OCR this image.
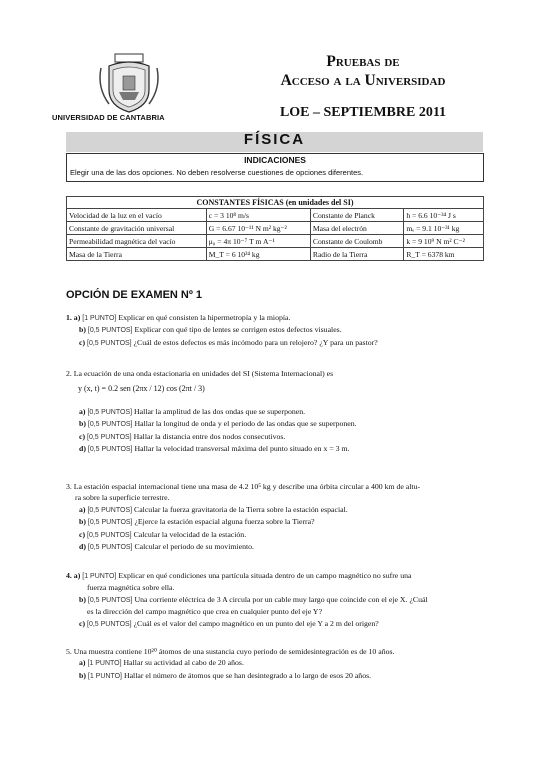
UNIVERSIDAD DE CANTABRIA
Pruebas de
Acceso a la Universidad
LOE – SEPTIEMBRE 2011
FÍSICA
INDICACIONES
Elegir una de las dos opciones. No deben resolverse cuestiones de opciones diferentes.
CONSTANTES FÍSICAS (en unidades del SI)			
Velocidad de la luz en el vacío	c = 3 10⁸ m/s	Constante de Planck	h = 6.6 10⁻³⁴ J s
Constante de gravitación universal	G = 6.67 10⁻¹¹ N m² kg⁻²	Masa del electrón	mₑ = 9.1 10⁻³¹ kg
Permeabilidad magnética del vacío	μ₀ = 4π 10⁻⁷ T m A⁻¹	Constante de Coulomb	k = 9 10⁹ N m² C⁻²
Masa de la Tierra	M_T = 6 10²⁴ kg	Radio de la Tierra	R_T = 6378 km
OPCIÓN DE EXAMEN Nº 1
1. a) [1 PUNTO] Explicar en qué consisten la hipermetropía y la miopía.
b) [0,5 PUNTOS] Explicar con qué tipo de lentes se corrigen estos defectos visuales.
c) [0,5 PUNTOS] ¿Cuál de estos defectos es más incómodo para un relojero? ¿Y para un pastor?
2. La ecuación de una onda estacionaria en unidades del SI (Sistema Internacional) es
y (x, t) = 0.2 sen (2πx / 12) cos (2πt / 3)
a) [0,5 PUNTOS] Hallar la amplitud de las dos ondas que se superponen.
b) [0,5 PUNTOS] Hallar la longitud de onda y el periodo de las ondas que se superponen.
c) [0,5 PUNTOS] Hallar la distancia entre dos nodos consecutivos.
d) [0,5 PUNTOS] Hallar la velocidad transversal máxima del punto situado en x = 3 m.
3. La estación espacial internacional tiene una masa de 4.2 10⁵ kg y describe una órbita circular a 400 km de altu-
ra sobre la superficie terrestre.
a) [0,5 PUNTOS] Calcular la fuerza gravitatoria de la Tierra sobre la estación espacial.
b) [0,5 PUNTOS] ¿Ejerce la estación espacial alguna fuerza sobre la Tierra?
c) [0,5 PUNTOS] Calcular la velocidad de la estación.
d) [0,5 PUNTOS] Calcular el periodo de su movimiento.
4. a) [1 PUNTO] Explicar en qué condiciones una partícula situada dentro de un campo magnético no sufre una
fuerza magnética sobre ella.
b) [0,5 PUNTOS] Una corriente eléctrica de 3 A circula por un cable muy largo que coincide con el eje X. ¿Cuál
es la dirección del campo magnético que crea en cualquier punto del eje Y?
c) [0,5 PUNTOS] ¿Cuál es el valor del campo magnético en un punto del eje Y a 2 m del origen?
5. Una muestra contiene 10²⁰ átomos de una sustancia cuyo periodo de semidesintegración es de 10 años.
a) [1 PUNTO] Hallar su actividad al cabo de 20 años.
b) [1 PUNTO] Hallar el número de átomos que se han desintegrado a lo largo de esos 20 años.
